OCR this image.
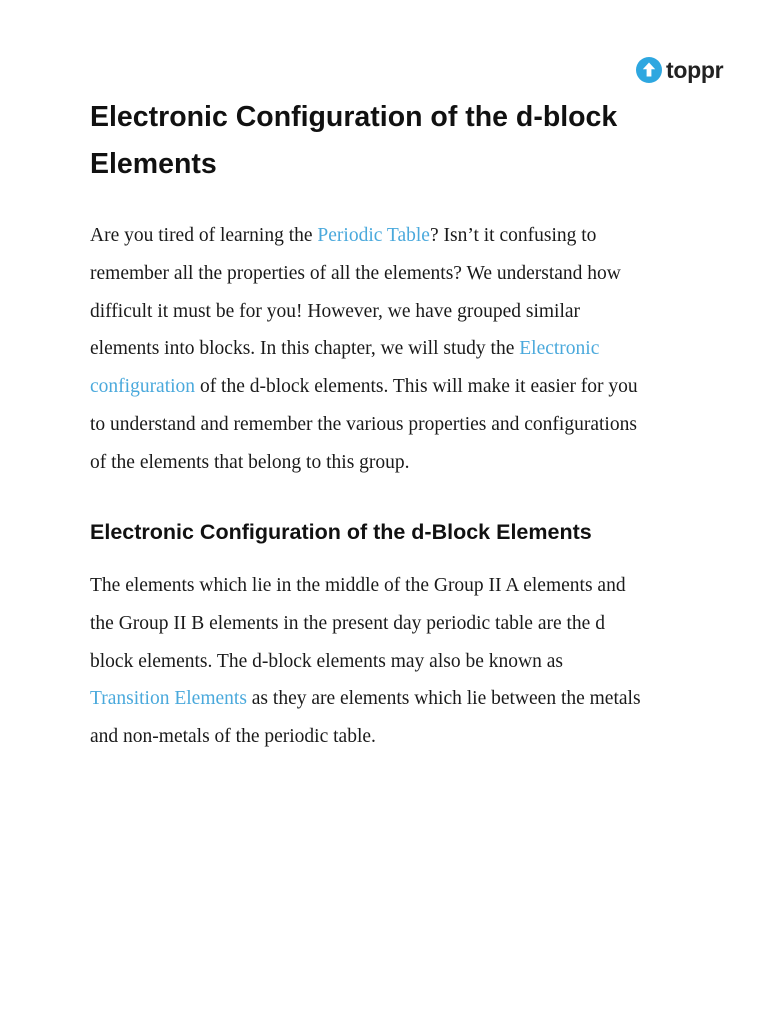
toppr
Electronic Configuration of the d-block Elements

Are you tired of learning the Periodic Table? Isn’t it confusing to
remember all the properties of all the elements? We understand how
difficult it must be for you! However, we have grouped similar
elements into blocks. In this chapter, we will study the Electronic
configuration of the d-block elements. This will make it easier for you
to understand and remember the various properties and configurations
of the elements that belong to this group.

Electronic Configuration of the d-Block Elements

The elements which lie in the middle of the Group II A elements and
the Group II B elements in the present day periodic table are the d
block elements. The d-block elements may also be known as
Transition Elements as they are elements which lie between the metals
and non-metals of the periodic table.
